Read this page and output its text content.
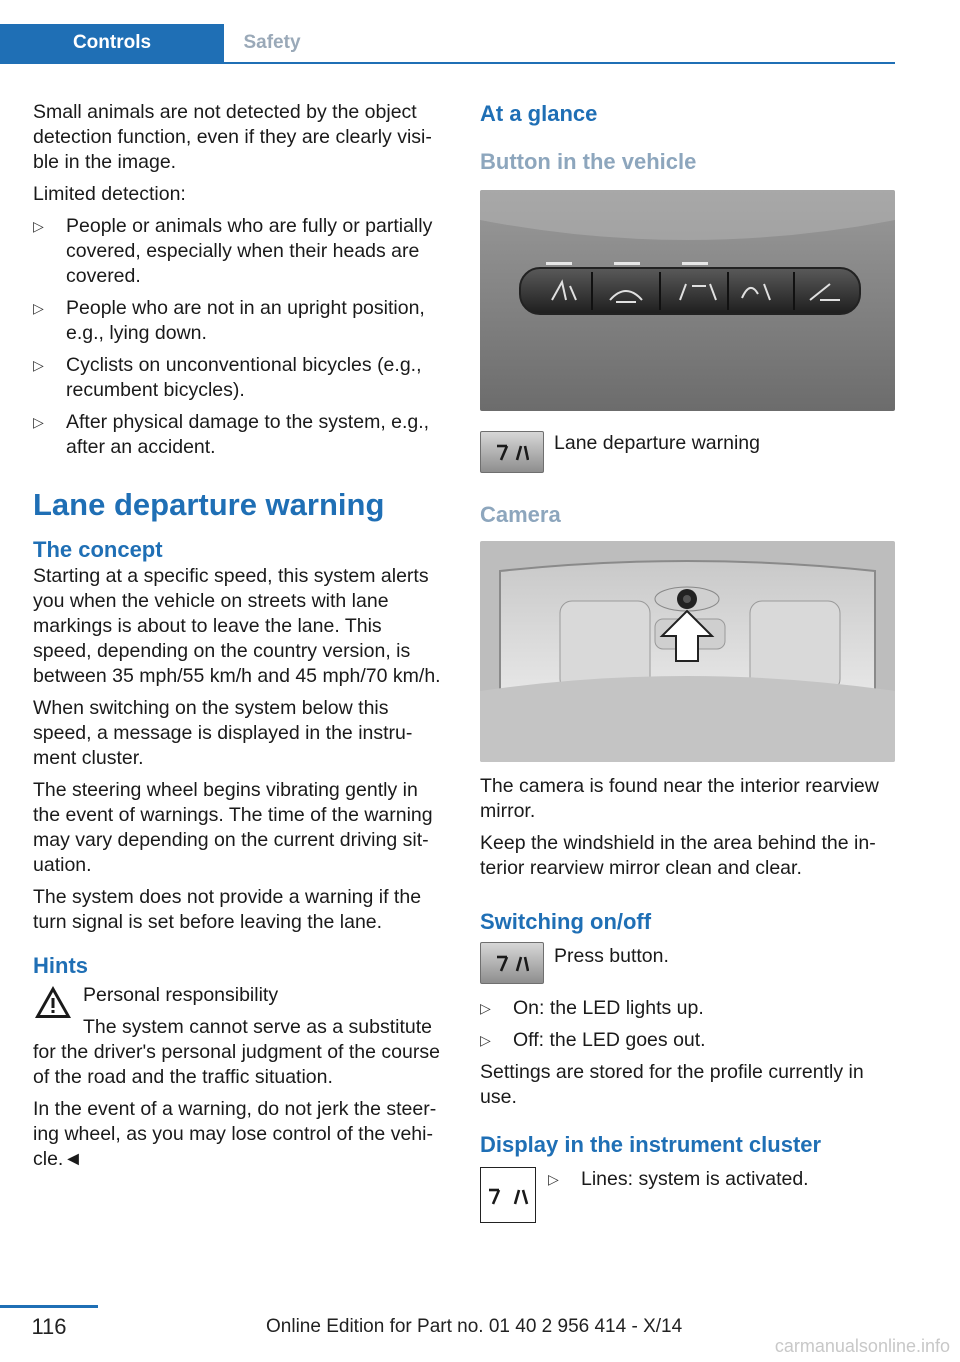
Controls	Safety

Small animals are not detected by the object detection function, even if they are clearly visi-ble in the image.

Limited detection:

▷ People or animals who are fully or partially covered, especially when their heads are covered.
▷ People who are not in an upright position, e.g., lying down.
▷ Cyclists on unconventional bicycles (e.g., recumbent bicycles).
▷ After physical damage to the system, e.g., after an accident.
Lane departure warning
The concept

Starting at a specific speed, this system alerts you when the vehicle on streets with lane markings is about to leave the lane. This speed, depending on the country version, is between 35 mph/55 km/h and 45 mph/70 km/h.

When switching on the system below this speed, a message is displayed in the instru-ment cluster.

The steering wheel begins vibrating gently in the event of warnings. The time of the warning may vary depending on the current driving sit-uation.

The system does not provide a warning if the turn signal is set before leaving the lane.

Hints

Personal responsibility

The system cannot serve as a substitute for the driver's personal judgment of the course of the road and the traffic situation.

In the event of a warning, do not jerk the steer-ing wheel, as you may lose control of the vehi-cle.◄

At a glance
Button in the vehicle

Lane departure warning

Camera

The camera is found near the interior rearview mirror.

Keep the windshield in the area behind the in-terior rearview mirror clean and clear.

Switching on/off

Press button.

▷ On: the LED lights up.
▷ Off: the LED goes out.

Settings are stored for the profile currently in use.

Display in the instrument cluster
▷ Lines: system is activated.
116	Online Edition for Part no. 01 40 2 956 414 - X/14
carmanualsonline.info
